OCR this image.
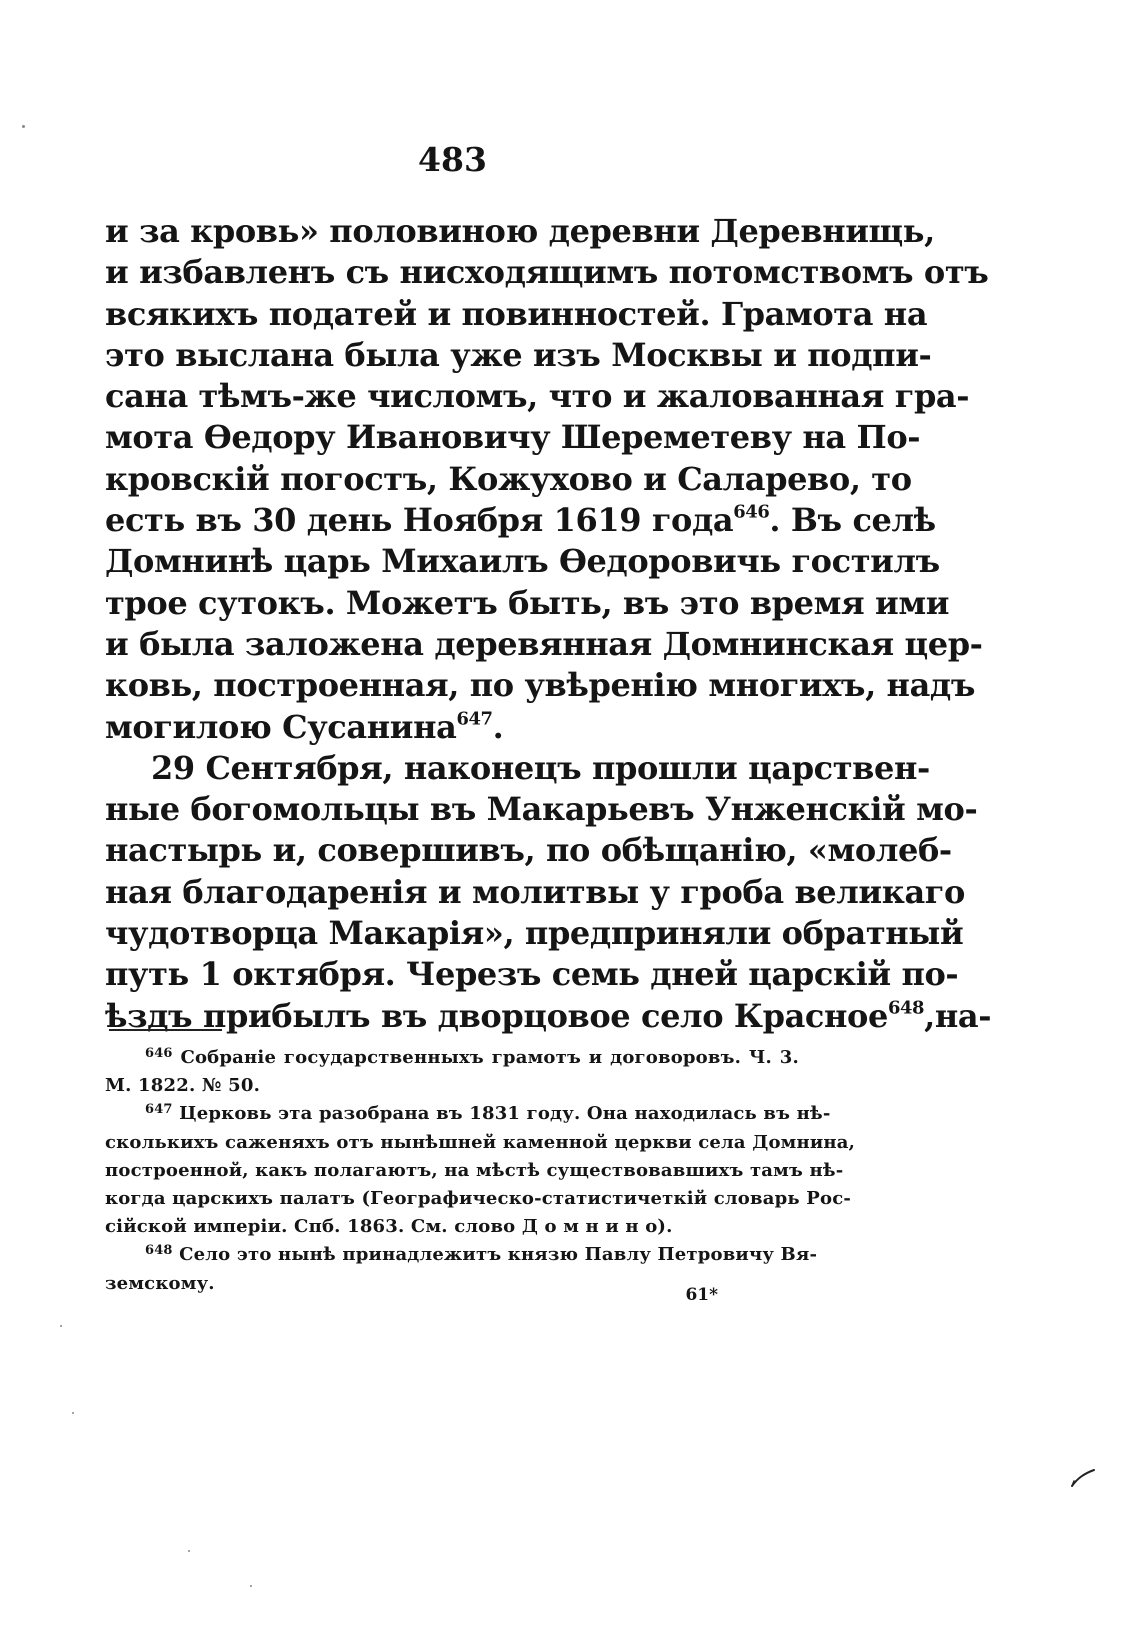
483
и за кровь» половиною деревни Деревнищь,
и избавленъ съ нисходящимъ потомствомъ отъ
всякихъ податей и повинностей. Грамота на
это выслана была уже изъ Москвы и подпи-
сана тѣмъ-же числомъ, что и жалованная гра-
мота Ѳедору Ивановичу Шереметеву на По-
кровскій погостъ, Кожухово и Саларево, то
есть въ 30 день Ноября 1619 года$^{646}$. Въ селѣ
Домнинѣ царь Михаилъ Ѳедоровичь гостилъ
трое сутокъ. Можетъ быть, въ это время ими
и была заложена деревянная Домнинская цер-
ковь, построенная, по увѣренію многихъ, надъ
могилою Сусанина$^{647}$.
29 Сентября, наконецъ прошли царствен-
ные богомольцы въ Макарьевъ Унженскій мо-
настырь и, совершивъ, по обѣщанію, «молеб-
ная благодаренія и молитвы у гроба великаго
чудотворца Макарія», предприняли обратный
путь 1 октября. Черезъ семь дней царскій по-
ѣздъ прибылъ въ дворцовое село Красное$^{648}$,на-
$^{646}$ Собраніе государственныхъ грамотъ и договоровъ. Ч. 3.
М. 1822. № 50.
$^{647}$ Церковь эта разобрана въ 1831 году. Она находилась въ нѣ-
сколькихъ саженяхъ отъ нынѣшней каменной церкви села Домнина,
построенной, какъ полагаютъ, на мѣстѣ существовавшихъ тамъ нѣ-
когда царскихъ палатъ (Географическо-статистичеткій словарь Рос-
сійской имперіи. Спб. 1863. См. слово Д о м н и н о).
$^{648}$ Село это нынѣ принадлежитъ князю Павлу Петровичу Вя-
земскому.
61*
